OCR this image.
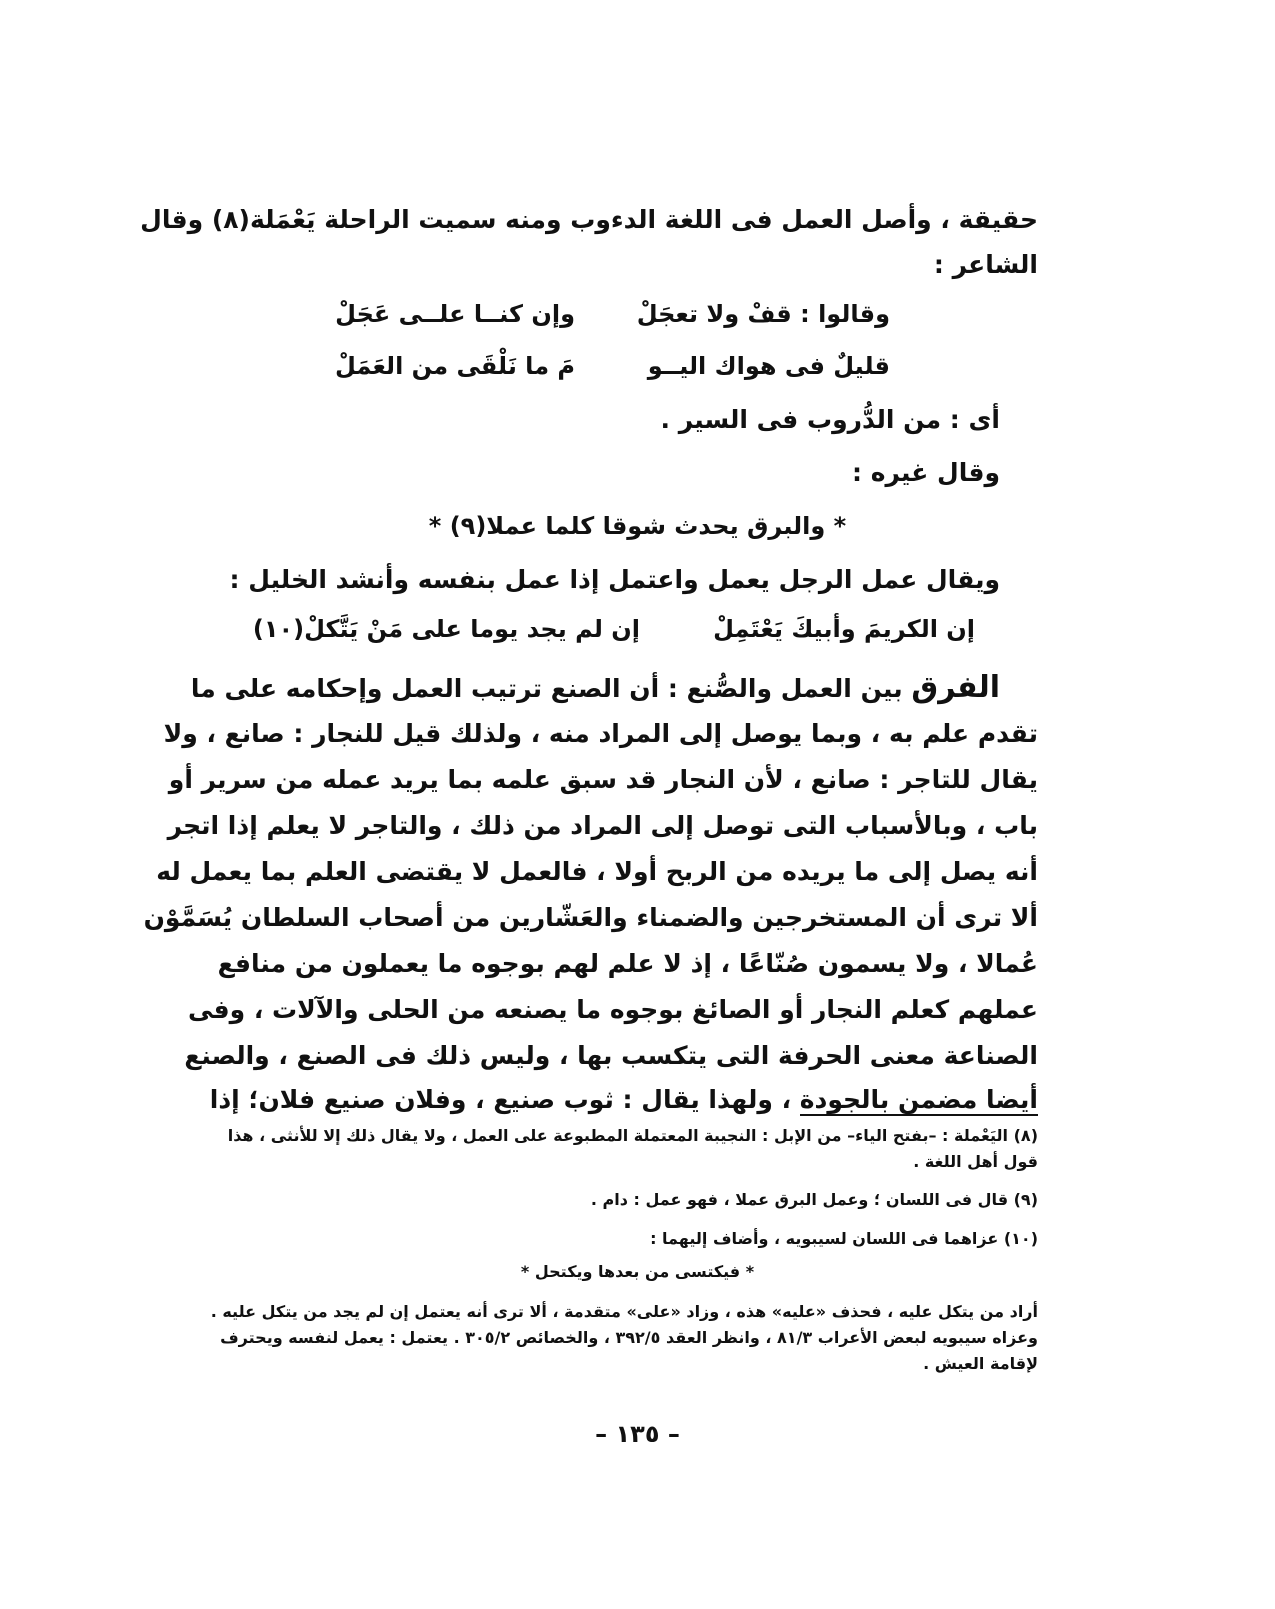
حقيقة ، وأصل العمل فى اللغة الدءوب ومنه سميت الراحلة يَعْمَلة(٨) وقال
الشاعر :
وقالوا : قفْ ولا تعجَلْ
وإن كنــا علــى عَجَلْ
قليلٌ فى هواك اليــو
مَ ما نَلْقَى من العَمَلْ
أى : من الدُّروب فى السير .
وقال غيره :
* والبرق يحدث شوقا كلما عملا(٩) *
ويقال عمل الرجل يعمل واعتمل إذا عمل بنفسه وأنشد الخليل :
إن الكريمَ وأبيكَ يَعْتَمِلْ
إن لم يجد يوما على مَنْ يَتَّكلْ(١٠)
الفرق بين العمل والصُّنع : أن الصنع ترتيب العمل وإحكامه على ما
تقدم علم به ، وبما يوصل إلى المراد منه ، ولذلك قيل للنجار : صانع ، ولا
يقال للتاجر : صانع ، لأن النجار قد سبق علمه بما يريد عمله من سرير أو
باب ، وبالأسباب التى توصل إلى المراد من ذلك ، والتاجر لا يعلم إذا اتجر
أنه يصل إلى ما يريده من الربح أولا ، فالعمل لا يقتضى العلم بما يعمل له
ألا ترى أن المستخرجين والضمناء والعَشّارين من أصحاب السلطان يُسَمَّوْن
عُمالا ، ولا يسمون صُنّاعًا ، إذ لا علم لهم بوجوه ما يعملون من منافع
عملهم كعلم النجار أو الصائغ بوجوه ما يصنعه من الحلى والآلات ، وفى
الصناعة معنى الحرفة التى يتكسب بها ، وليس ذلك فى الصنع ، والصنع
أيضا مضمن بالجودة ، ولهذا يقال : ثوب صنيع ، وفلان صنيع فلان؛ إذا
(٨) اليَعْملة : –بفتح الياء– من الإبل : النجيبة المعتملة المطبوعة على العمل ، ولا يقال ذلك إلا للأنثى ، هذا
قول أهل اللغة .
(٩) قال فى اللسان ؛ وعمل البرق عملا ، فهو عمل : دام .
(١٠) عزاهما فى اللسان لسيبويه ، وأضاف إليهما :
* فيكتسى من بعدها ويكتحل *
أراد من يتكل عليه ، فحذف «عليه» هذه ، وزاد «على» متقدمة ، ألا ترى أنه يعتمل إن لم يجد من يتكل عليه .
وعزاه سيبويه لبعض الأعراب ٨١/٣ ، وانظر العقد ٣٩٢/٥ ، والخصائص ٣٠٥/٢ . يعتمل : يعمل لنفسه ويحترف
لإقامة العيش .
– ١٣٥ –
